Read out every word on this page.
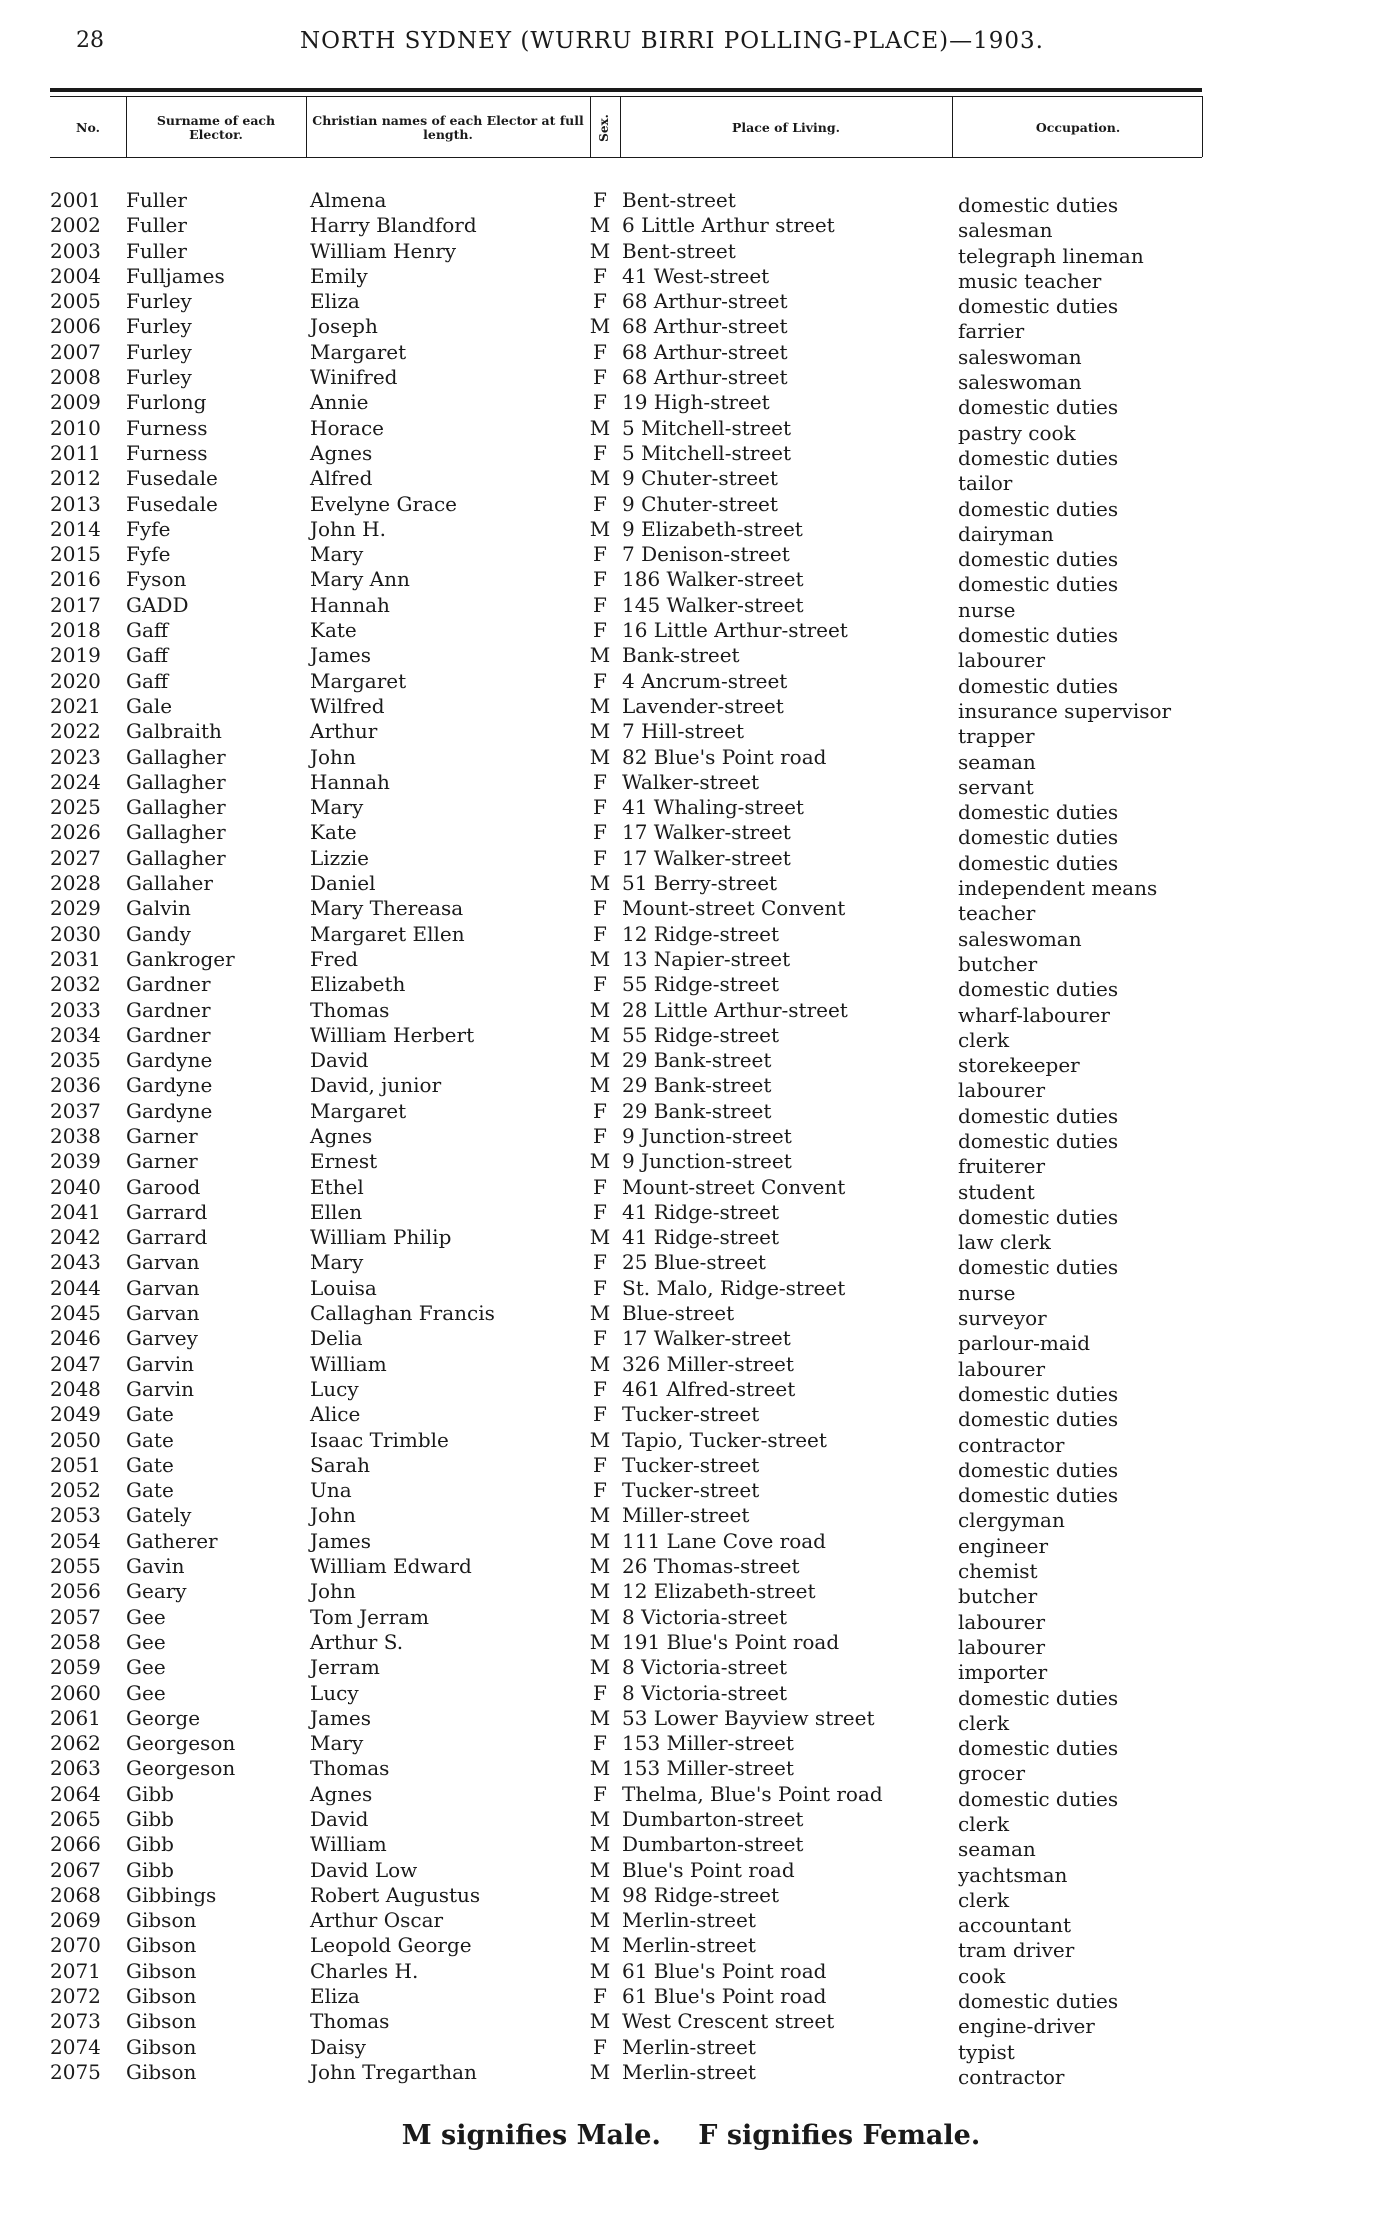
28	NORTH SYDNEY (WURRU BIRRI POLLING-PLACE)—1903.
No.	Surname of each Elector.
Christian names of each Elector at full length.	Sex.	Place of Living.	Occupation.
2001 Fuller	Almena	F Bent-street	domestic duties
2002 Fuller	Harry Blandford	M 6 Little Arthur street	salesman
2003 Fuller	William Henry	M Bent-street	telegraph lineman
2004 Fulljames	Emily	F 41 West-street	music teacher
2005 Furley	Eliza	F 68 Arthur-street	domestic duties
2006 Furley	Joseph	M 68 Arthur-street	farrier
2007 Furley	Margaret	F 68 Arthur-street	saleswoman
2008 Furley	Winifred	F 68 Arthur-street	saleswoman
2009 Furlong	Annie	F 19 High-street	domestic duties
2010 Furness	Horace	M 5 Mitchell-street	pastry cook
2011 Furness	Agnes	F 5 Mitchell-street	domestic duties
2012 Fusedale	Alfred	M 9 Chuter-street	tailor
2013 Fusedale	Evelyne Grace	F 9 Chuter-street	domestic duties
2014 Fyfe	John H.	M 9 Elizabeth-street	dairyman
2015 Fyfe	Mary	F 7 Denison-street	domestic duties
2016 Fyson	Mary Ann	F 186 Walker-street	domestic duties
2017 GADD	Hannah	F 145 Walker-street	nurse
2018 Gaff	Kate	F 16 Little Arthur-street	domestic duties
2019 Gaff	James	M Bank-street	labourer
2020 Gaff	Margaret	F 4 Ancrum-street	domestic duties
2021 Gale	Wilfred	M Lavender-street	insurance supervisor
2022 Galbraith	Arthur	M 7 Hill-street	trapper
2023 Gallagher	John	M 82 Blue's Point road	seaman
2024 Gallagher	Hannah	F Walker-street	servant
2025 Gallagher	Mary	F 41 Whaling-street	domestic duties
2026 Gallagher	Kate	F 17 Walker-street	domestic duties
2027 Gallagher	Lizzie	F 17 Walker-street	domestic duties
2028 Gallaher	Daniel	M 51 Berry-street	independent means
2029 Galvin	Mary Thereasa	F Mount-street Convent	teacher
2030 Gandy	Margaret Ellen	F 12 Ridge-street	saleswoman
2031 Gankroger	Fred	M 13 Napier-street	butcher
2032 Gardner	Elizabeth	F 55 Ridge-street	domestic duties
2033 Gardner	Thomas	M 28 Little Arthur-street	wharf-labourer
2034 Gardner	William Herbert	M 55 Ridge-street	clerk
2035 Gardyne	David	M 29 Bank-street	storekeeper
2036 Gardyne	David, junior	M 29 Bank-street	labourer
2037 Gardyne	Margaret	F 29 Bank-street	domestic duties
2038 Garner	Agnes	F 9 Junction-street	domestic duties
2039 Garner	Ernest	M 9 Junction-street	fruiterer
2040 Garood	Ethel	F Mount-street Convent	student
2041 Garrard	Ellen	F 41 Ridge-street	domestic duties
2042 Garrard	William Philip	M 41 Ridge-street	law clerk
2043 Garvan	Mary	F 25 Blue-street	domestic duties
2044 Garvan	Louisa	F St. Malo, Ridge-street	nurse
2045 Garvan	Callaghan Francis	M Blue-street	surveyor
2046 Garvey	Delia	F 17 Walker-street	parlour-maid
2047 Garvin	William	M 326 Miller-street	labourer
2048 Garvin	Lucy	F 461 Alfred-street	domestic duties
2049 Gate	Alice	F Tucker-street	domestic duties
2050 Gate	Isaac Trimble	M Tapio, Tucker-street	contractor
2051 Gate	Sarah	F Tucker-street	domestic duties
2052 Gate	Una	F Tucker-street	domestic duties
2053 Gately	John	M Miller-street	clergyman
2054 Gatherer	James	M 111 Lane Cove road	engineer
2055 Gavin	William Edward	M 26 Thomas-street	chemist
2056 Geary	John	M 12 Elizabeth-street	butcher
2057 Gee	Tom Jerram	M 8 Victoria-street	labourer
2058 Gee	Arthur S.	M 191 Blue's Point road	labourer
2059 Gee	Jerram	M 8 Victoria-street	importer
2060 Gee	Lucy	F 8 Victoria-street	domestic duties
2061 George	James	M 53 Lower Bayview street	clerk
2062 Georgeson	Mary	F 153 Miller-street	domestic duties
2063 Georgeson	Thomas	M 153 Miller-street	grocer
2064 Gibb	Agnes	F Thelma, Blue's Point road	domestic duties
2065 Gibb	David	M Dumbarton-street	clerk
2066 Gibb	William	M Dumbarton-street	seaman
2067 Gibb	David Low	M Blue's Point road	yachtsman
2068 Gibbings	Robert Augustus	M 98 Ridge-street	clerk
2069 Gibson	Arthur Oscar	M Merlin-street	accountant
2070 Gibson	Leopold George	M Merlin-street	tram driver
2071 Gibson	Charles H.	M 61 Blue's Point road	cook
2072 Gibson	Eliza	F 61 Blue's Point road	domestic duties
2073 Gibson	Thomas	M West Crescent street	engine-driver
2074 Gibson	Daisy	F Merlin-street	typist
2075 Gibson	John Tregarthan	M Merlin-street	contractor
M signifies Male. F signifies Female.
